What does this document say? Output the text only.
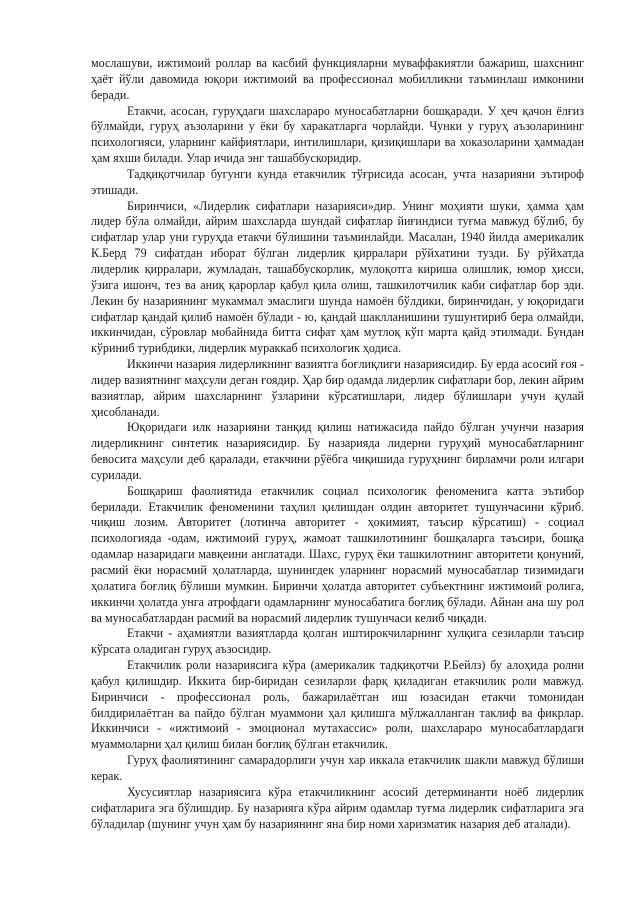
мослашуви, ижтимоий роллар ва касбий функцияларни муваффакиятли бажариш, шахснинг ҳаёт йўли давомида юқори ижтимоий ва профессионал мобилликни таъминлаш имконини беради.

Етакчи, асосан, гуруҳдаги шахслараро муносабатларни бошқаради. У ҳеч қачон ёлғиз бўлмайди, гуруҳ аъзоларини у ёки бу харакатларга чорлайди. Чунки у гуруҳ аъзоларининг психологияси, уларнинг кайфиятлари, интилишлари, қизиқишлари ва хоказоларини ҳаммадан ҳам яхши билади. Улар ичида энг ташаббускоридир.

Тадқиқотчилар бугунги кунда етакчилик тўғрисида асосан, учта назарияни эътироф этишади.

Биринчиси, «Лидерлик сифатлари назарияси»дир. Унинг моҳияти шуки, ҳамма ҳам лидер бўла олмайди, айрим шахсларда шундай сифатлар йиғиндиси туғма мавжуд бўлиб, бу сифатлар улар уни гуруҳда етакчи бўлишини таъминлайди. Масалан, 1940 йилда америкалик К.Берд 79 сифатдан иборат бўлган лидерлик қирралари рўйхатини тузди. Бу рўйхатда лидерлик қирралари, жумладан, ташаббускорлик, мулоқотга кириша олишлик, юмор ҳисси, ўзига ишонч, тез ва аниқ қарорлар қабул қила олиш, ташкилотчилик каби сифатлар бор эди. Лекин бу назариянинг мукаммал эмаслиги шунда намоён бўлдики, биринчидан, у юқоридаги сифатлар қандай қилиб намоён бўлади - ю, қандай шаклланишини тушунтириб бера олмайди, иккинчидан, сўровлар мобайнида битта сифат ҳам мутлоқ кўп марта қайд этилмади. Бундан кўриниб турибдики, лидерлик мураккаб психологик ҳодиса.

Иккинчи назария лидерликнинг вазиятга боғлиқлиги назариясидир. Бу ерда асосий ғоя - лидер вазиятнинг маҳсули деган ғоядир. Ҳар бир одамда лидерлик сифатлари бор, лекин айрим вазиятлар, айрим шахсларнинг ўзларини кўрсатишлари, лидер бўлишлари учун қулай ҳисобланади.

Юқоридаги илк назарияни танқид қилиш натижасида пайдо бўлган учунчи назария лидерликнинг синтетик назариясидир. Бу назарияда лидерни гуруҳий муносабатларнинг бевосита маҳсули деб қаралади, етакчини рўёбга чиқишида гуруҳнинг бирламчи роли илгари сурилади.

Бошқариш фаолиятида етакчилик социал психологик феноменига катта эътибор берилади. Етакчилик феноменини таҳлил қилишдан олдин авторитет тушунчасини кўриб. чиқиш лозим. Авторитет (лотинча авторитет - ҳокимият, таъсир кўрсатиш) - социал психологияда -одам, ижтимоий гуруҳ, жамоат ташкилотининг бошқаларга таъсири, бошқа одамлар назаридаги мавқеини англатади. Шахс, гуруҳ ёки ташкилотнинг авторитети қонуний, расмий ёки норасмий ҳолатларда, шунингдек уларнинг норасмий муносабатлар тизимидаги ҳолатига боғлиқ бўлиши мумкин. Биринчи ҳолатда авторитет субъектнинг ижтимоий ролига, иккинчи ҳолатда унга атрофдаги одамларнинг муносабатига боғлиқ бўлади. Айнан ана шу рол ва муносабатлардан расмий ва норасмий лидерлик тушунчаси келиб чиқади.

Етакчи - аҳамиятли вазиятларда қолган иштирокчиларнинг хулқига сезиларли таъсир кўрсата оладиган гуруҳ аъзосидир.

Етакчилик роли назариясига кўра (америкалик тадқиқотчи Р.Бейлз) бу алоҳида ролни қабул қилишдир. Иккита бир-биридан сезиларли фарқ қиладиган етакчилик роли мавжуд. Биринчиси - профессионал роль, бажарилаётган иш юзасидан етакчи томонидан билдирилаётган ва пайдо бўлган муаммони ҳал қилишга мўлжалланган таклиф ва фикрлар. Иккинчиси - «ижтимоий - эмоционал мутахассис» роли, шахслараро муносабатлардаги муаммоларни ҳал қилиш билан боғлиқ бўлган етакчилик.

Гуруҳ фаолиятининг самарадорлиги учун хар иккала етакчилик шакли мавжуд бўлиши керак.

Хусусиятлар назариясига кўра етакчиликнинг асосий детерминанти ноёб лидерлик сифатларига эга бўлишдир. Бу назарияга кўра айрим одамлар туғма лидерлик сифатларига эга бўладилар (шунинг учун ҳам бу назариянинг яна бир номи харизматик назария деб аталади).
